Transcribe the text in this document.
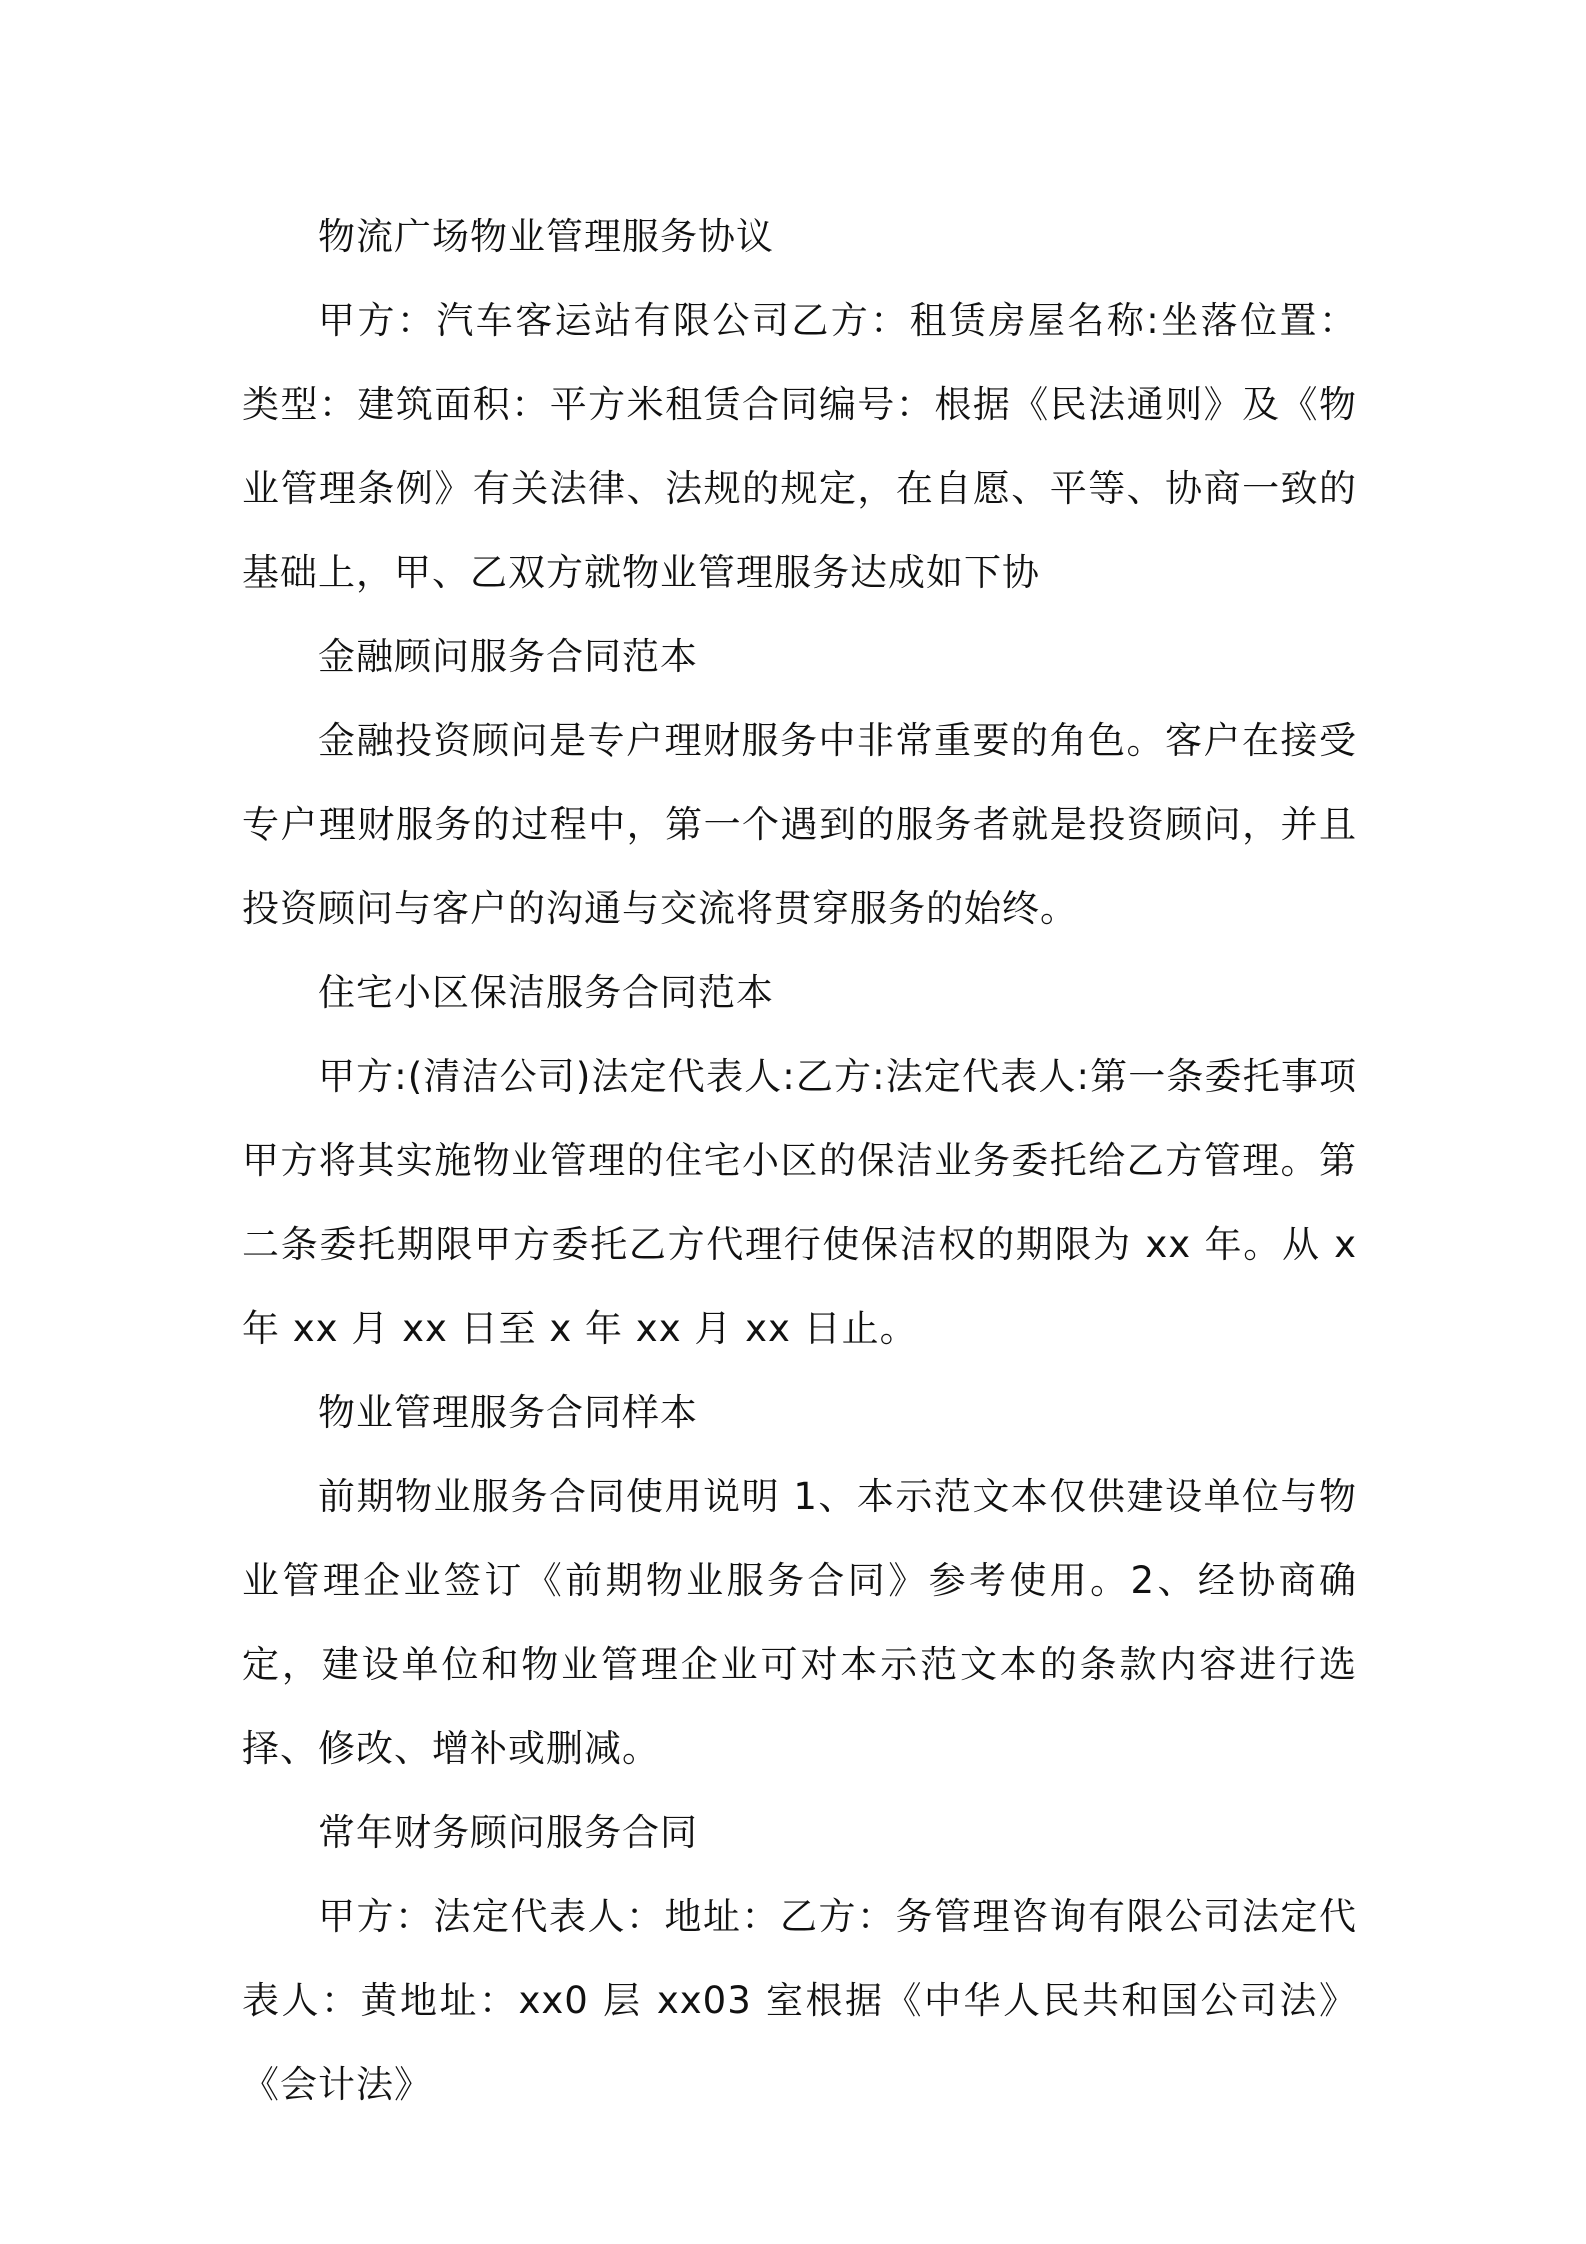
物流广场物业管理服务协议

甲方：汽车客运站有限公司乙方：租赁房屋名称:坐落位置：类型：建筑面积：平方米租赁合同编号：根据《民法通则》及《物业管理条例》有关法律、法规的规定，在自愿、平等、协商一致的基础上，甲、乙双方就物业管理服务达成如下协

金融顾问服务合同范本

金融投资顾问是专户理财服务中非常重要的角色。客户在接受专户理财服务的过程中，第一个遇到的服务者就是投资顾问，并且投资顾问与客户的沟通与交流将贯穿服务的始终。

住宅小区保洁服务合同范本

甲方:(清洁公司)法定代表人:乙方:法定代表人:第一条委托事项甲方将其实施物业管理的住宅小区的保洁业务委托给乙方管理。第二条委托期限甲方委托乙方代理行使保洁权的期限为 xx 年。从 x 年 xx 月 xx 日至 x 年 xx 月 xx 日止。

物业管理服务合同样本

前期物业服务合同使用说明 1、本示范文本仅供建设单位与物业管理企业签订《前期物业服务合同》参考使用。2、经协商确定，建设单位和物业管理企业可对本示范文本的条款内容进行选择、修改、增补或删减。

常年财务顾问服务合同

甲方：法定代表人：地址：乙方：务管理咨询有限公司法定代表人：黄地址：xx0 层 xx03 室根据《中华人民共和国公司法》《会计法》
